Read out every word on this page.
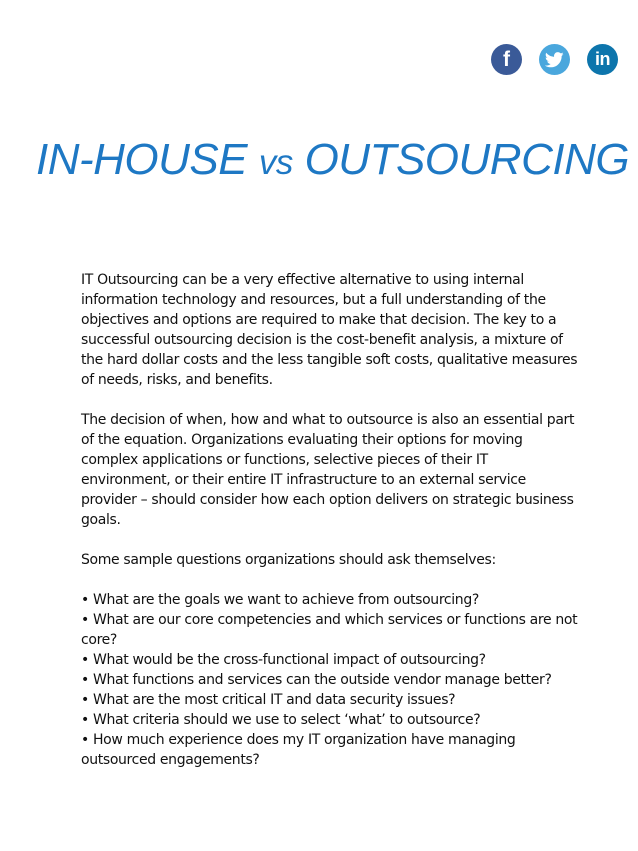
f	in
IN-HOUSE vs OUTSOURCING

IT Outsourcing can be a very effective alternative to using internal information technology and resources, but a full understanding of the objectives and options are required to make that decision. The key to a successful outsourcing decision is the cost-benefit analysis, a mixture of the hard dollar costs and the less tangible soft costs, qualitative measures of needs, risks, and benefits.

The decision of when, how and what to outsource is also an essential part of the equation. Organizations evaluating their options for moving complex applications or functions, selective pieces of their IT environment, or their entire IT infrastructure to an external service provider – should consider how each option delivers on strategic business goals.

Some sample questions organizations should ask themselves:

• What are the goals we want to achieve from outsourcing?
• What are our core competencies and which services or functions are not core?
• What would be the cross-functional impact of outsourcing?
• What functions and services can the outside vendor manage better?
• What are the most critical IT and data security issues?
• What criteria should we use to select ‘what’ to outsource?
• How much experience does my IT organization have managing outsourced engagements?
